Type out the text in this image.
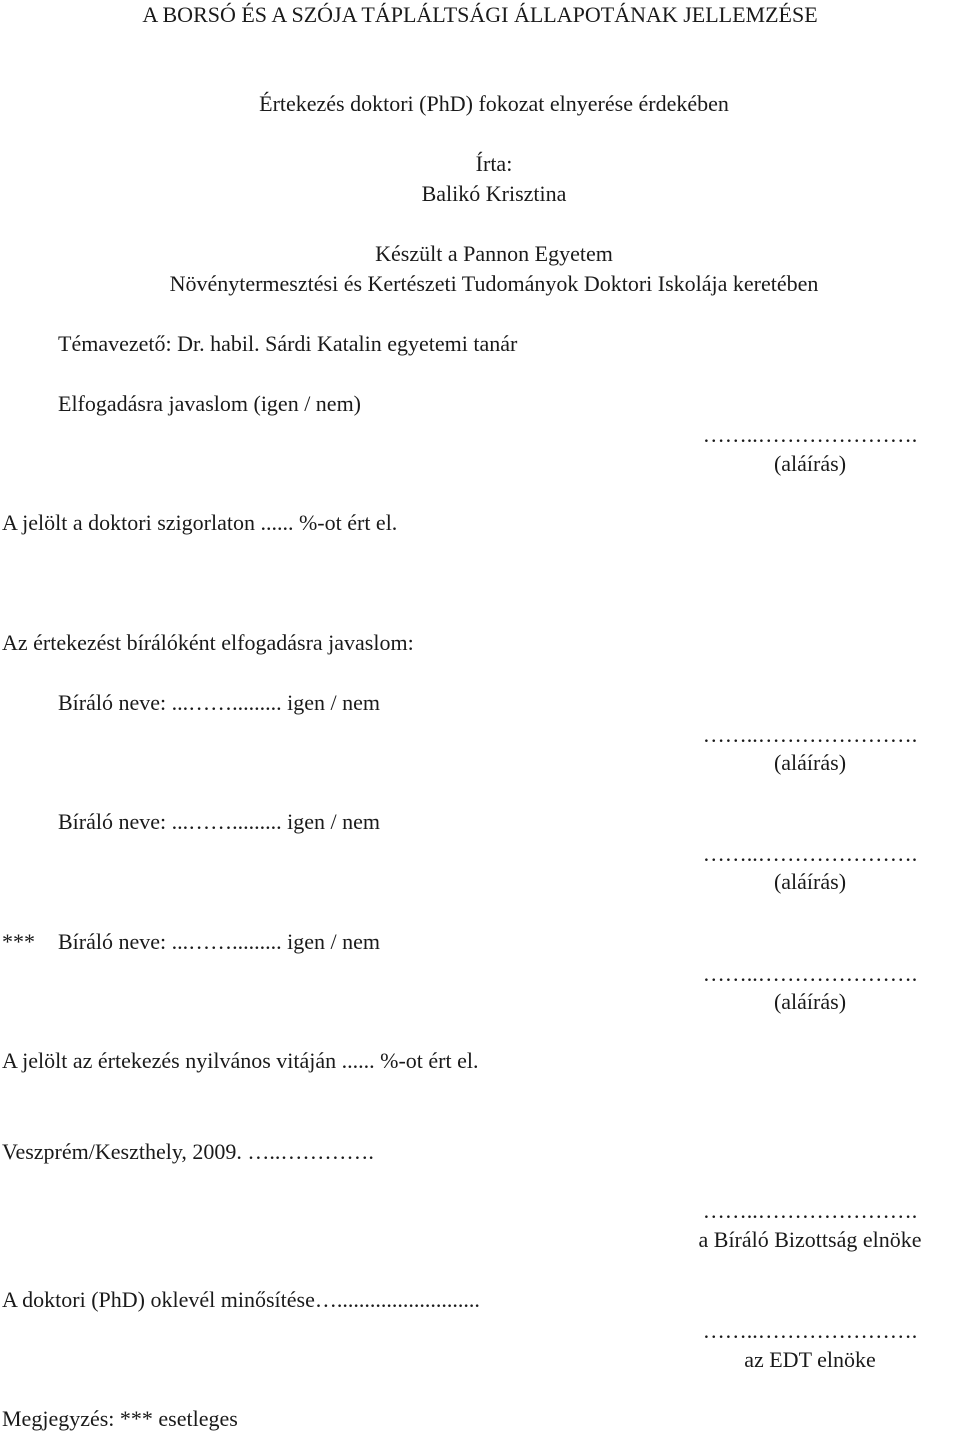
A BORSÓ ÉS A SZÓJA TÁPLÁLTSÁGI ÁLLAPOTÁNAK JELLEMZÉSE
Értekezés doktori (PhD) fokozat elnyerése érdekében
Írta:
Balikó Krisztina
Készült a Pannon Egyetem
Növénytermesztési és Kertészeti Tudományok Doktori Iskolája keretében
Témavezető: Dr. habil. Sárdi Katalin egyetemi tanár
Elfogadásra javaslom (igen / nem)
……..………………….
(aláírás)
A jelölt a doktori szigorlaton ...... %-ot ért el.
Az értekezést bírálóként elfogadásra javaslom:
Bíráló neve: ...……......... igen / nem
……..………………….
(aláírás)
Bíráló neve: ...……......... igen / nem
……..………………….
(aláírás)
*** Bíráló neve: ...……......... igen / nem
……..………………….
(aláírás)
A jelölt az értekezés nyilvános vitáján ...... %-ot ért el.
Veszprém/Keszthely, 2009. …..………….
……..………………….
a Bíráló Bizottság elnöke
A doktori (PhD) oklevél minősítése…..........................
……..………………….
az EDT elnöke
Megjegyzés: *** esetleges
